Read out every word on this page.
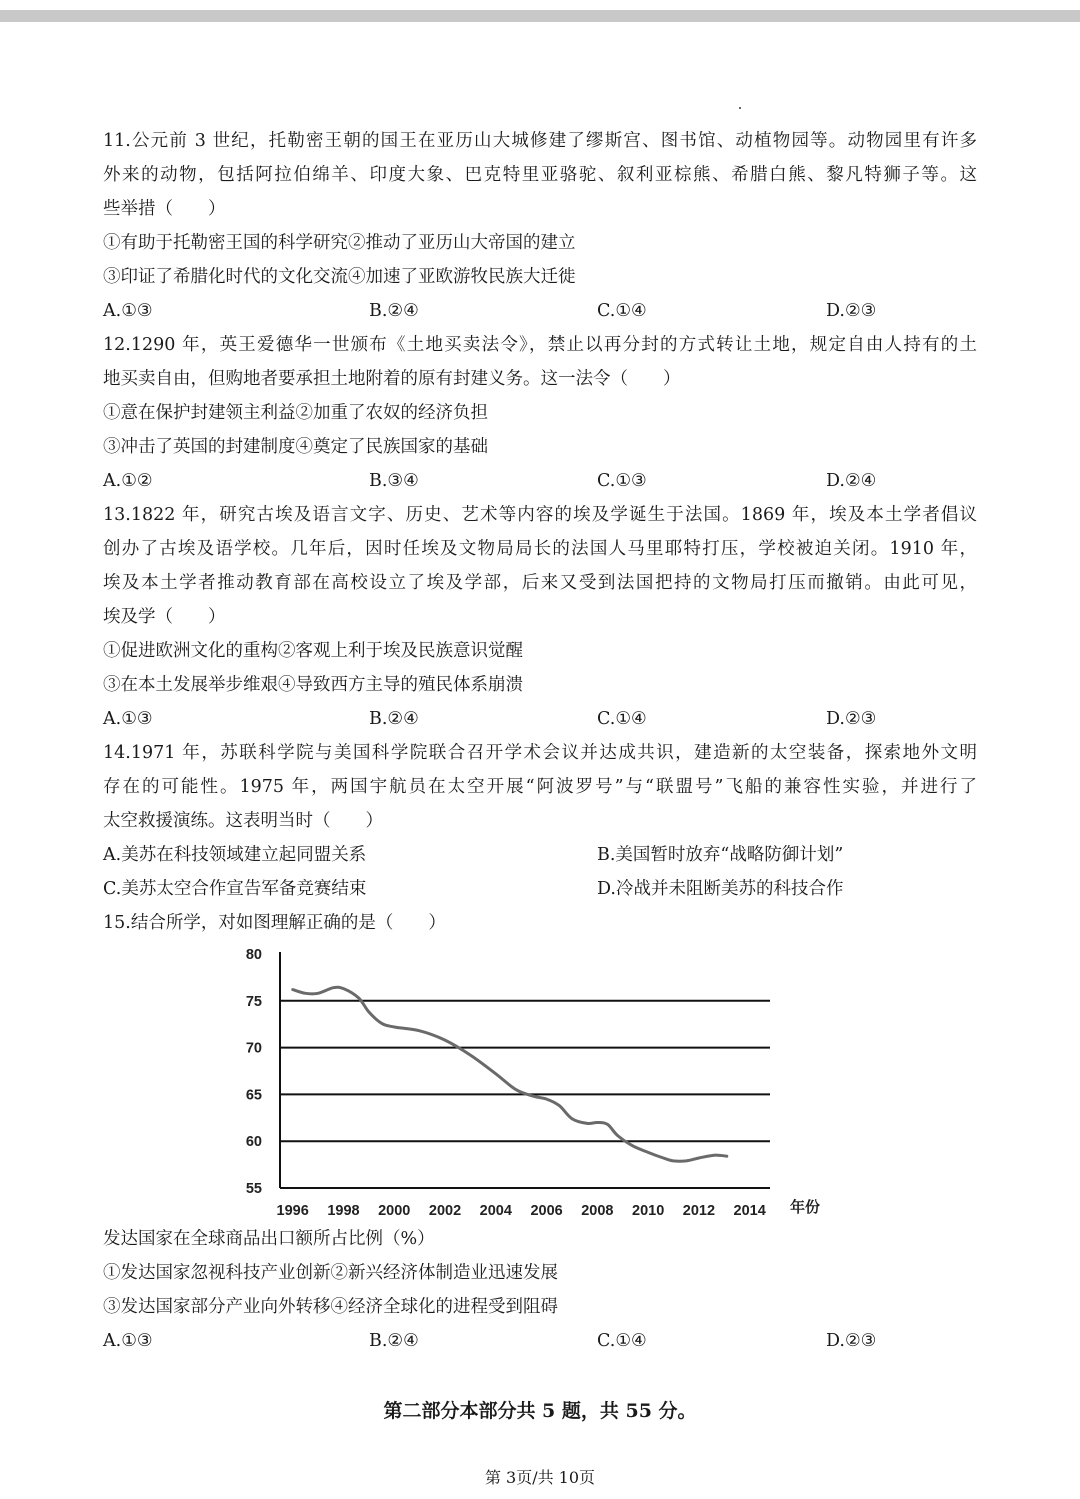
11.公元前 3 世纪，托勒密王朝的国王在亚历山大城修建了缪斯宫、图书馆、动植物园等。动物园里有许多
外来的动物，包括阿拉伯绵羊、印度大象、巴克特里亚骆驼、叙利亚棕熊、希腊白熊、黎凡特狮子等。这
些举措（　　）
①有助于托勒密王国的科学研究②推动了亚历山大帝国的建立
③印证了希腊化时代的文化交流④加速了亚欧游牧民族大迁徙
A.①③	B.②④	C.①④	D.②③
12.1290 年，英王爱德华一世颁布《土地买卖法令》，禁止以再分封的方式转让土地，规定自由人持有的土
地买卖自由，但购地者要承担土地附着的原有封建义务。这一法令（　　）
①意在保护封建领主利益②加重了农奴的经济负担
③冲击了英国的封建制度④奠定了民族国家的基础
A.①②	B.③④	C.①③	D.②④
13.1822 年，研究古埃及语言文字、历史、艺术等内容的埃及学诞生于法国。1869 年，埃及本土学者倡议
创办了古埃及语学校。几年后，因时任埃及文物局局长的法国人马里耶特打压，学校被迫关闭。1910 年，
埃及本土学者推动教育部在高校设立了埃及学部，后来又受到法国把持的文物局打压而撤销。由此可见，
埃及学（　　）
①促进欧洲文化的重构②客观上利于埃及民族意识觉醒
③在本土发展举步维艰④导致西方主导的殖民体系崩溃
A.①③	B.②④	C.①④	D.②③
14.1971 年，苏联科学院与美国科学院联合召开学术会议并达成共识，建造新的太空装备，探索地外文明
存在的可能性。1975 年，两国宇航员在太空开展“阿波罗号”与“联盟号”飞船的兼容性实验，并进行了
太空救援演练。这表明当时（　　）
A.美苏在科技领域建立起同盟关系	B.美国暂时放弃“战略防御计划”
C.美苏太空合作宣告军备竞赛结束	D.冷战并未阻断美苏的科技合作
15.结合所学，对如图理解正确的是（　　）
80
75
70
65
60
55
1996 1998 2000 2002 2004 2006 2008 2010 2012 2014 年份
发达国家在全球商品出口额所占比例（%）
①发达国家忽视科技产业创新②新兴经济体制造业迅速发展
③发达国家部分产业向外转移④经济全球化的进程受到阻碍
A.①③	B.②④	C.①④	D.②③
第二部分本部分共 5 题，共 55 分。
第 3页/共 10页
